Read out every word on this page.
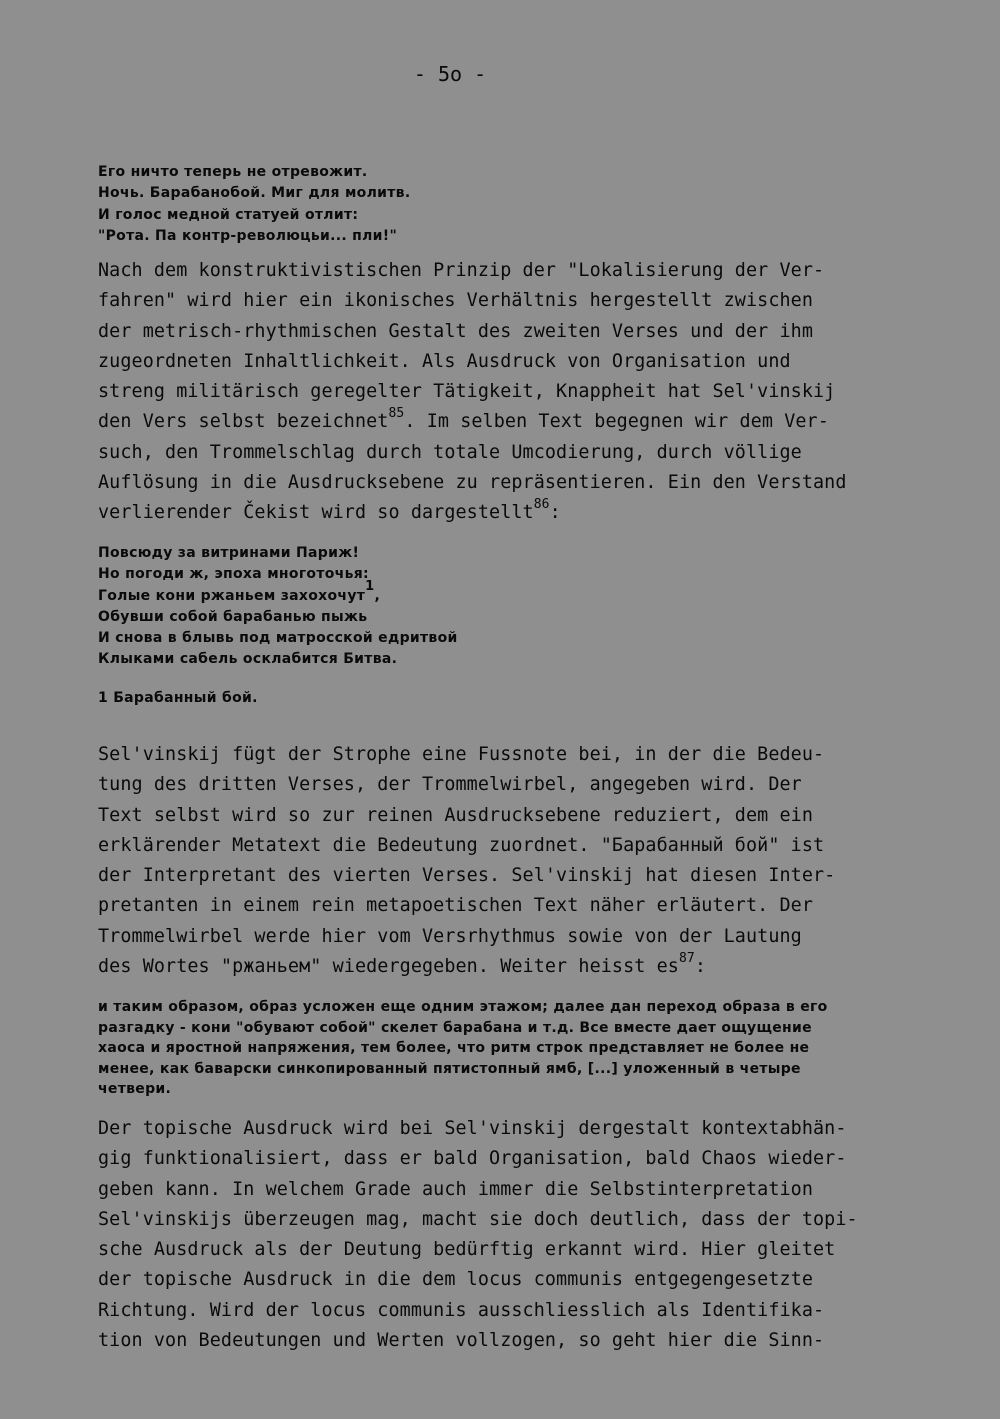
- 5o -
Его ничто теперь не отревожит.
Ночь. Барабанобой. Миг для молитв.
И голос медной статуей отлит:
"Рота. Па контр-революцьи... пли!"
Nach dem konstruktivistischen Prinzip der "Lokalisierung der Ver-
fahren" wird hier ein ikonisches Verhältnis hergestellt zwischen
der metrisch-rhythmischen Gestalt des zweiten Verses und der ihm
zugeordneten Inhaltlichkeit. Als Ausdruck von Organisation und
streng militärisch geregelter Tätigkeit, Knappheit hat Sel'vinskij
den Vers selbst bezeichnet$^{85}$. Im selben Text begegnen wir dem Ver-
such, den Trommelschlag durch totale Umcodierung, durch völlige
Auflösung in die Ausdrucksebene zu repräsentieren. Ein den Verstand
verlierender Čekist wird so dargestellt$^{86}$:
Повсюду за витринами Париж!
Но погоди ж, эпоха многоточья:
Голые кони ржаньем захохочут$^1$,
Обувши собой барабанью пыжь
И снова в блывь под матросской едритвой
Клыками сабель осклабится Битва.
1 Барабанный бой.
Sel'vinskij fügt der Strophe eine Fussnote bei, in der die Bedeu-
tung des dritten Verses, der Trommelwirbel, angegeben wird. Der
Text selbst wird so zur reinen Ausdrucksebene reduziert, dem ein
erklärender Metatext die Bedeutung zuordnet. "Барабанный бой" ist
der Interpretant des vierten Verses. Sel'vinskij hat diesen Inter-
pretanten in einem rein metapoetischen Text näher erläutert. Der
Trommelwirbel werde hier vom Versrhythmus sowie von der Lautung
des Wortes "ржаньем" wiedergegeben. Weiter heisst $es^{87}$:
и таким образом, образ усложен еще одним этажом; далее дан переход образа в его
разгадку - кони "обувают собой" скелет барабана и т.д. Все вместе дает ощущение
хаоса и яростной напряжения, тем более, что ритм строк представляет не более не
менее, как баварски синкопированный пятистопный ямб, [...] уложенный в четыре
четвери.
Der topische Ausdruck wird bei Sel'vinskij dergestalt kontextabhän-
gig funktionalisiert, dass er bald Organisation, bald Chaos wieder-
geben kann. In welchem Grade auch immer die Selbstinterpretation
Sel'vinskijs überzeugen mag, macht sie doch deutlich, dass der topi-
sche Ausdruck als der Deutung bedürftig erkannt wird. Hier gleitet
der topische Ausdruck in die dem locus communis entgegengesetzte
Richtung. Wird der locus communis ausschliesslich als Identifika-
tion von Bedeutungen und Werten vollzogen, so geht hier die Sinn-
